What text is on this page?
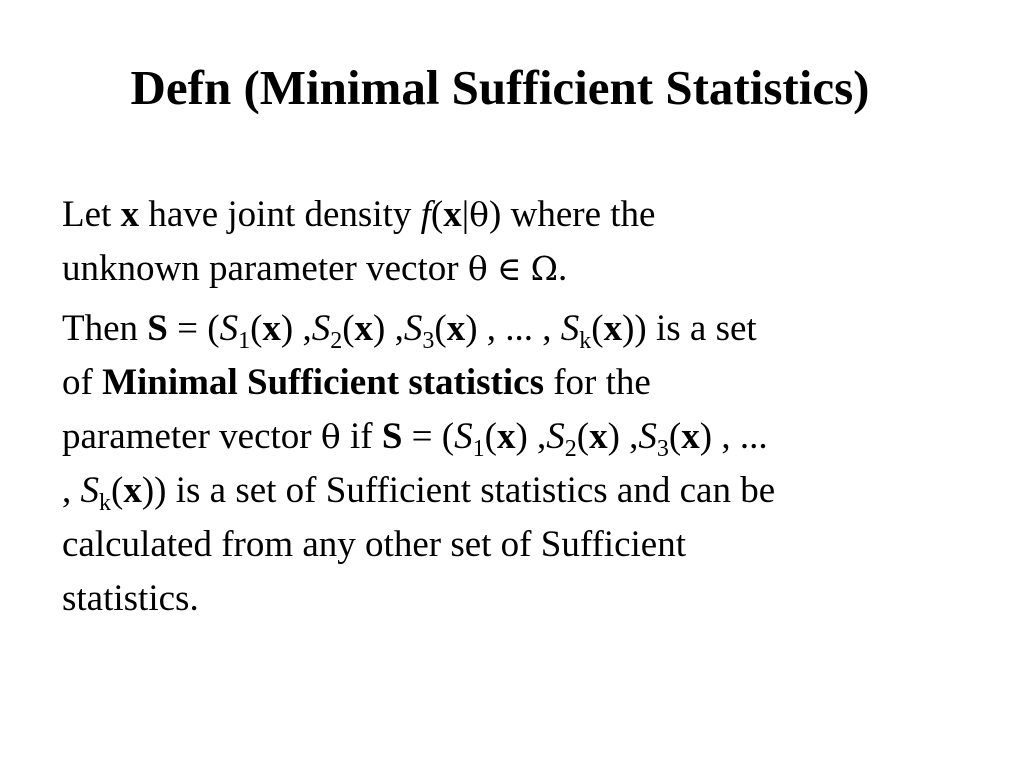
Defn (Minimal Sufficient Statistics)

Let x have joint density f(x|θ) where the
unknown parameter vector θ ∈ Ω.

Then $S = (S_1(x)$ $,S_2(x)$ $,S_3(x)$ , ... , $S_k(x)$) is a set
of Minimal Sufficient statistics for the
parameter vector θ if $S = (S_1(x)$ $,S_2(x)$ $,S_3(x)$ , ...
, $S_k(x)$) is a set of Sufficient statistics and can be
calculated from any other set of Sufficient
statistics.
